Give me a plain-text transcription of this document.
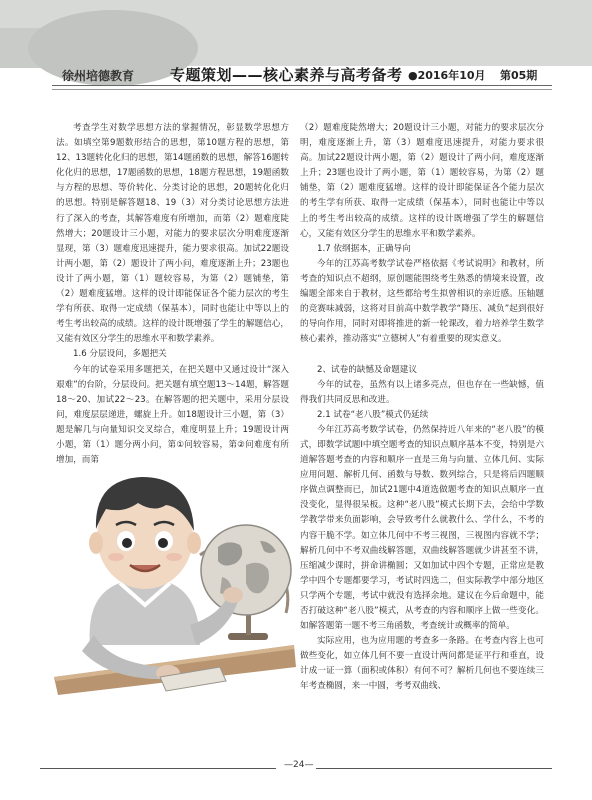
徐州培德教育 专题策划——核心素养与高考备考 ●2016年10月 第05期

考查学生对数学思想方法的掌握情况，彰显数学思想方法。如填空第9题数形结合的思想，第10题方程的思想，第12、13题转化化归的思想，第14题函数的思想，解答16题转化化归的思想，17题函数的思想，18题方程思想，19题函数与方程的思想、等价转化、分类讨论的思想，20题转化化归的思想。特别是解答题18、19（3）对分类讨论思想方法进行了深入的考查，其解答难度有所增加，而第（2）题难度陡然增大；20题设计三小题，对能力的要求层次分明难度逐渐显现，第（3）题难度迅速提升，能力要求很高。加试22题设计两小题，第（2）题设计了两小问，难度逐渐上升；23题也设计了两小题，第（1）题较容易，为第（2）题铺垫，第（2）题难度猛增。这样的设计即能保证各个能力层次的考生学有所获、取得一定成绩（保基本），同时也能让中等以上的考生考出较高的成绩。这样的设计既增强了学生的解题信心，又能有效区分学生的思维水平和数学素养。

1.6 分层设问，多题把关

今年的试卷采用多题把关，在把关题中又通过设计“深入艰难”的台阶，分层设问。把关题有填空题13～14题，解答题18～20、加试22～23。在解答题的把关题中，采用分层设问，难度层层递进，螺旋上升。如18题设计三小题，第（3）题是解几与向量知识交叉综合，难度明显上升；19题设计两小题，第（1）题分两小问，第①问较容易，第②问难度有所增加，而第

（2）题难度陡然增大；20题设计三小题，对能力的要求层次分明，难度逐渐上升，第（3）题难度迅速提升，对能力要求很高。加试22题设计两小题，第（2）题设计了两小问，难度逐渐上升；23题也设计了两小题，第（1）题较容易，为第（2）题铺垫，第（2）题难度猛增。这样的设计即能保证各个能力层次的考生学有所获、取得一定成绩（保基本），同时也能让中等以上的考生考出较高的成绩。这样的设计既增强了学生的解题信心，又能有效区分学生的思维水平和数学素养。

1.7 依纲据本，正确导向

今年的江苏高考数学试卷严格依据《考试说明》和教材，所考查的知识点不超纲，原创题能围绕考生熟悉的情境来设置，改编题全部来自于教材，这些都给考生拟曾相识的亲近感。压轴题的竞赛味减弱，这将对目前高中数学教学“降压、减负”起到很好的导向作用，同时对即将推进的新一轮课改，着力培养学生数学核心素养，推动落实“立德树人”有着重要的现实意义。

2、试卷的缺憾及命题建议

今年的试卷，虽然有以上诸多亮点，但也存在一些缺憾，值得我们共同反思和改进。

2.1 试卷“老八股”模式仍延续

今年江苏高考数学试卷，仍然保持近八年来的“老八股”的模式，即数学试题Ⅰ中填空题考查的知识点顺序基本不变，特别是六道解答题考查的内容和顺序一直是三角与向量、立体几何、实际应用问题、解析几何、函数与导数、数列综合，只是将后四题顺序做点调整而已，加试21题中4道选做题考查的知识点顺序一直没变化，显得很呆板。这种“老八股”模式长期下去，会给中学数学教学带来负面影响，会导致考什么就教什么、学什么，不考的内容干脆不学。如立体几何中不考三视图，三视图内容就不学；解析几何中不考双曲线解答题，双曲线解答题就少讲甚至不讲，压缩减少课时，拼命讲椭圆；又如加试中四个专题，正常应是教学中四个专题都要学习，考试时四选二，但实际教学中部分地区只学两个专题，考试中就没有选择余地。建议在今后命题中，能否打破这种“老八股”模式，从考查的内容和顺序上做一些变化。如解答题第一题不考三角函数，考查统计或概率的简单。

实际应用，也为应用题的考查多一条路。在考查内容上也可做些变化，如立体几何不要一直设计两问都是证平行和垂直，设计成一证一算（面积或体积）有何不可？解析几何也不要连续三年考查椭圆，来一中圆，考考双曲线、

—24—
